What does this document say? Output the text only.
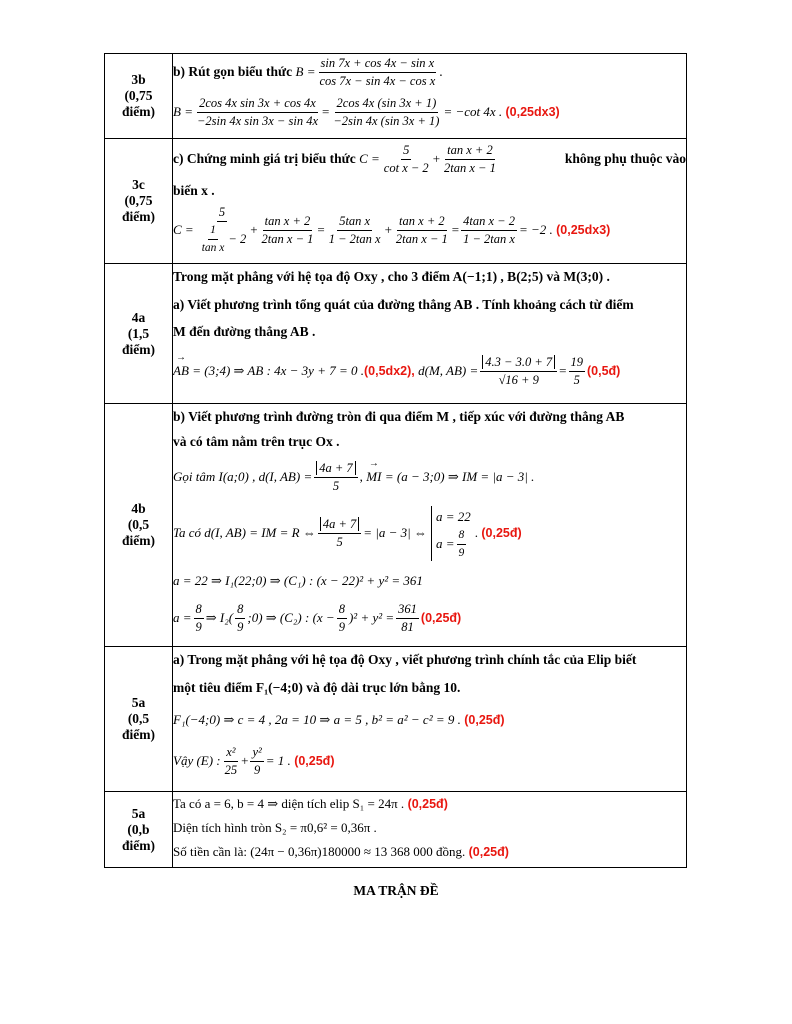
3b
(0,75
điểm)

b) Rút gọn biểu thức
$B = \frac{\text{sin 7x + cos 4x − sin x}}{\text{cos 7x − sin 4x − cos x}}$ .
$B = \frac{\text{2cos 4x sin 3x + cos 4x}}{\text{−2sin 4x sin 3x − sin 4x}} = \frac{2\cos 4x (\sin 3x + 1)}{-2\sin 4x (\sin 3x + 1)} = -\cot$ 4x .
(0,25dx3)

3c
(0,75
điểm)

c) Chứng minh giá trị biểu thức
$C = \frac{5}{\text{cot x − 2}} + \frac{\text{tan x + 2}}{\text{2tan x − 1}}$	không phụ thuộc vào
biến x .
$C = \frac{5}{\frac{1}{\text{tan x}} - 2} + \frac{\text{tan x + 2}}{\text{2tan x − 1}} = \frac{\text{5tan x}}{\text{1 − 2tan x}} + \frac{\text{tan x + 2}}{\text{2tan x − 1}} = \frac{\text{4tan x − 2}}{\text{1 − 2tan x}} = -2$ .
(0,25dx3)

4a
(1,5
điểm)

Trong mặt phẳng với hệ tọa độ Oxy , cho 3 điểm A(−1;1) , B(2;5) và M(3;0) .
a) Viết phương trình tổng quát của đường thẳng AB . Tính khoảng cách từ điểm
M đến đường thẳng AB .
→ AB
= (3;4) ⇒ AB : 4x − 3y + 7 = 0 . (0,5dx2),
d(M, $AB) = \frac{4.3 - 3.0 + 7}{√16 + 9} = \frac{19}{5}$ (0,5đ)

4b
(0,5
điểm)

b) Viết phương trình đường tròn đi qua điểm M , tiếp xúc với đường thẳng AB
và có tâm nằm trên trục Ox .
Gọi tâm I(a;0) , d(I, $AB) = \frac{4a + 7}{5}$ ,

→ MI
= (a − 3;0) ⇒ IM = |a − 3| .
Ta có d(I, AB) = IM = R ⇔ $\frac{4a + 7}{5} = |a - 3|$ ⇔
a = 22
$a = \frac{8}{9}$ .
(0,25đ)
a = 22 ⇒ I₁(22;0) ⇒ (C₁) : (x − 22)² + y² = 361
$a = \frac{8}{9}$ ⇒ $I_2( \frac{8}{9}$ ;0) ⇒ (C₂) : $(x - \frac{8}{9} )^2 + y^2 = \frac{361}{81}$ (0,25đ)

5a
(0,5
điểm)

a) Trong mặt phẳng với hệ tọa độ Oxy , viết phương trình chính tắc của Elip biết
một tiêu điểm F₁(−4;0) và độ dài trục lớn bằng 10.
F₁(−4;0) ⇒ c = 4 , 2a = 10 ⇒ a = 5 , b² = a² − c² = 9 .
(0,25đ)
Vậy (E) : $\frac{\text{x²}}{25} + \frac{\text{y²}}{9} = 1$ .
(0,25đ)

5a
(0,b
điểm)

Ta có a = 6, b = 4 ⇒ diện tích elip S₁ = 24π .
(0,25đ)
Diện tích hình tròn S₂ = π0,6² = 0,36π .
Số tiền cần là: (24π − 0,36π)180000 ≈ 13 368 000 đồng.
(0,25đ)
MA TRẬN ĐỀ
